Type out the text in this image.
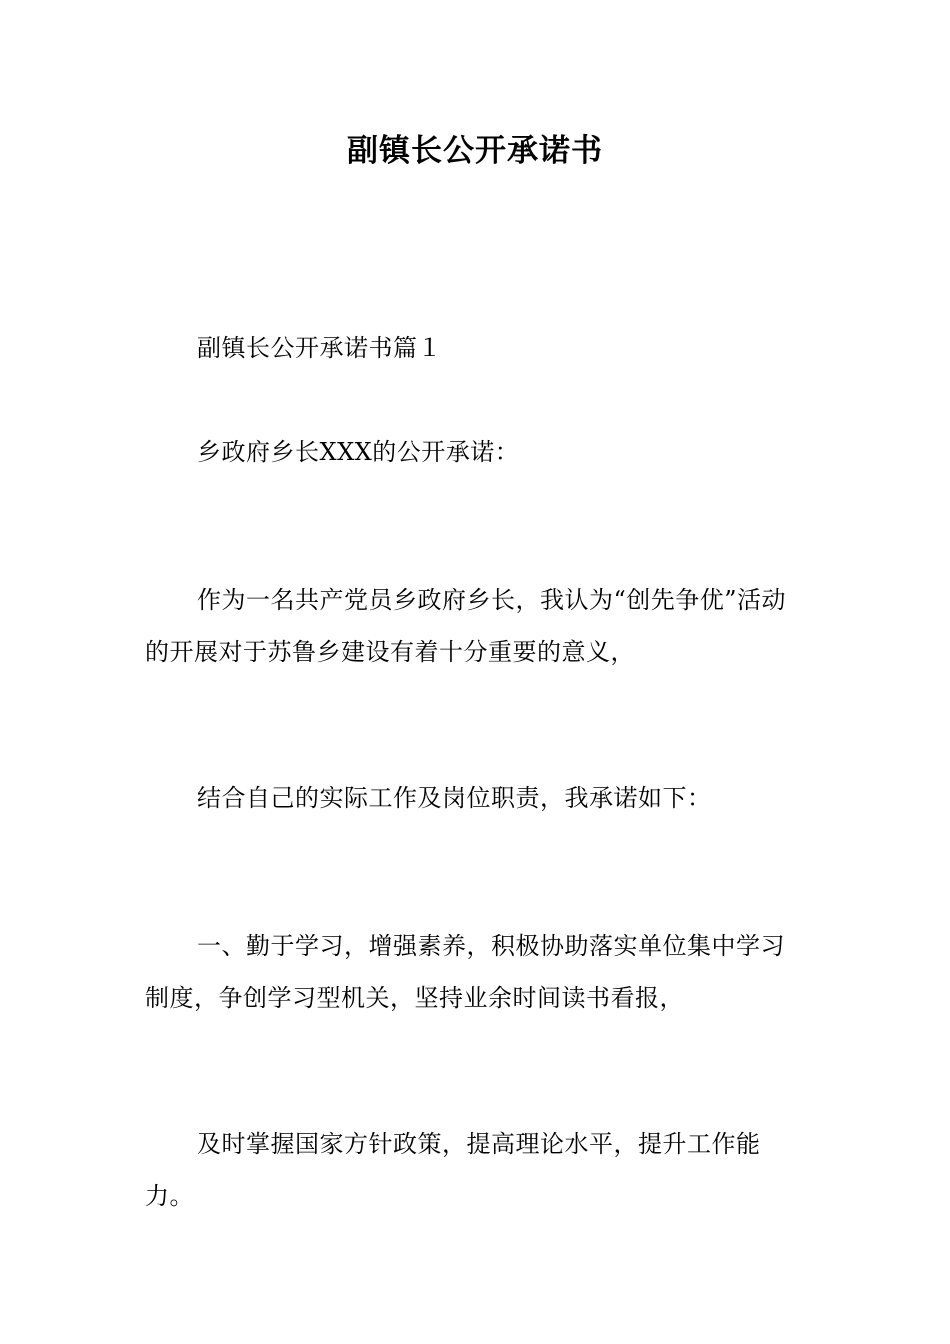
副镇长公开承诺书

副镇长公开承诺书篇１

乡政府乡长XXX的公开承诺：

作为一名共产党员乡政府乡长，我认为“创先争优”活动的开展对于苏鲁乡建设有着十分重要的意义，

结合自己的实际工作及岗位职责，我承诺如下：

一、勤于学习，增强素养，积极协助落实单位集中学习制度，争创学习型机关，坚持业余时间读书看报，

及时掌握国家方针政策，提高理论水平，提升工作能力。
